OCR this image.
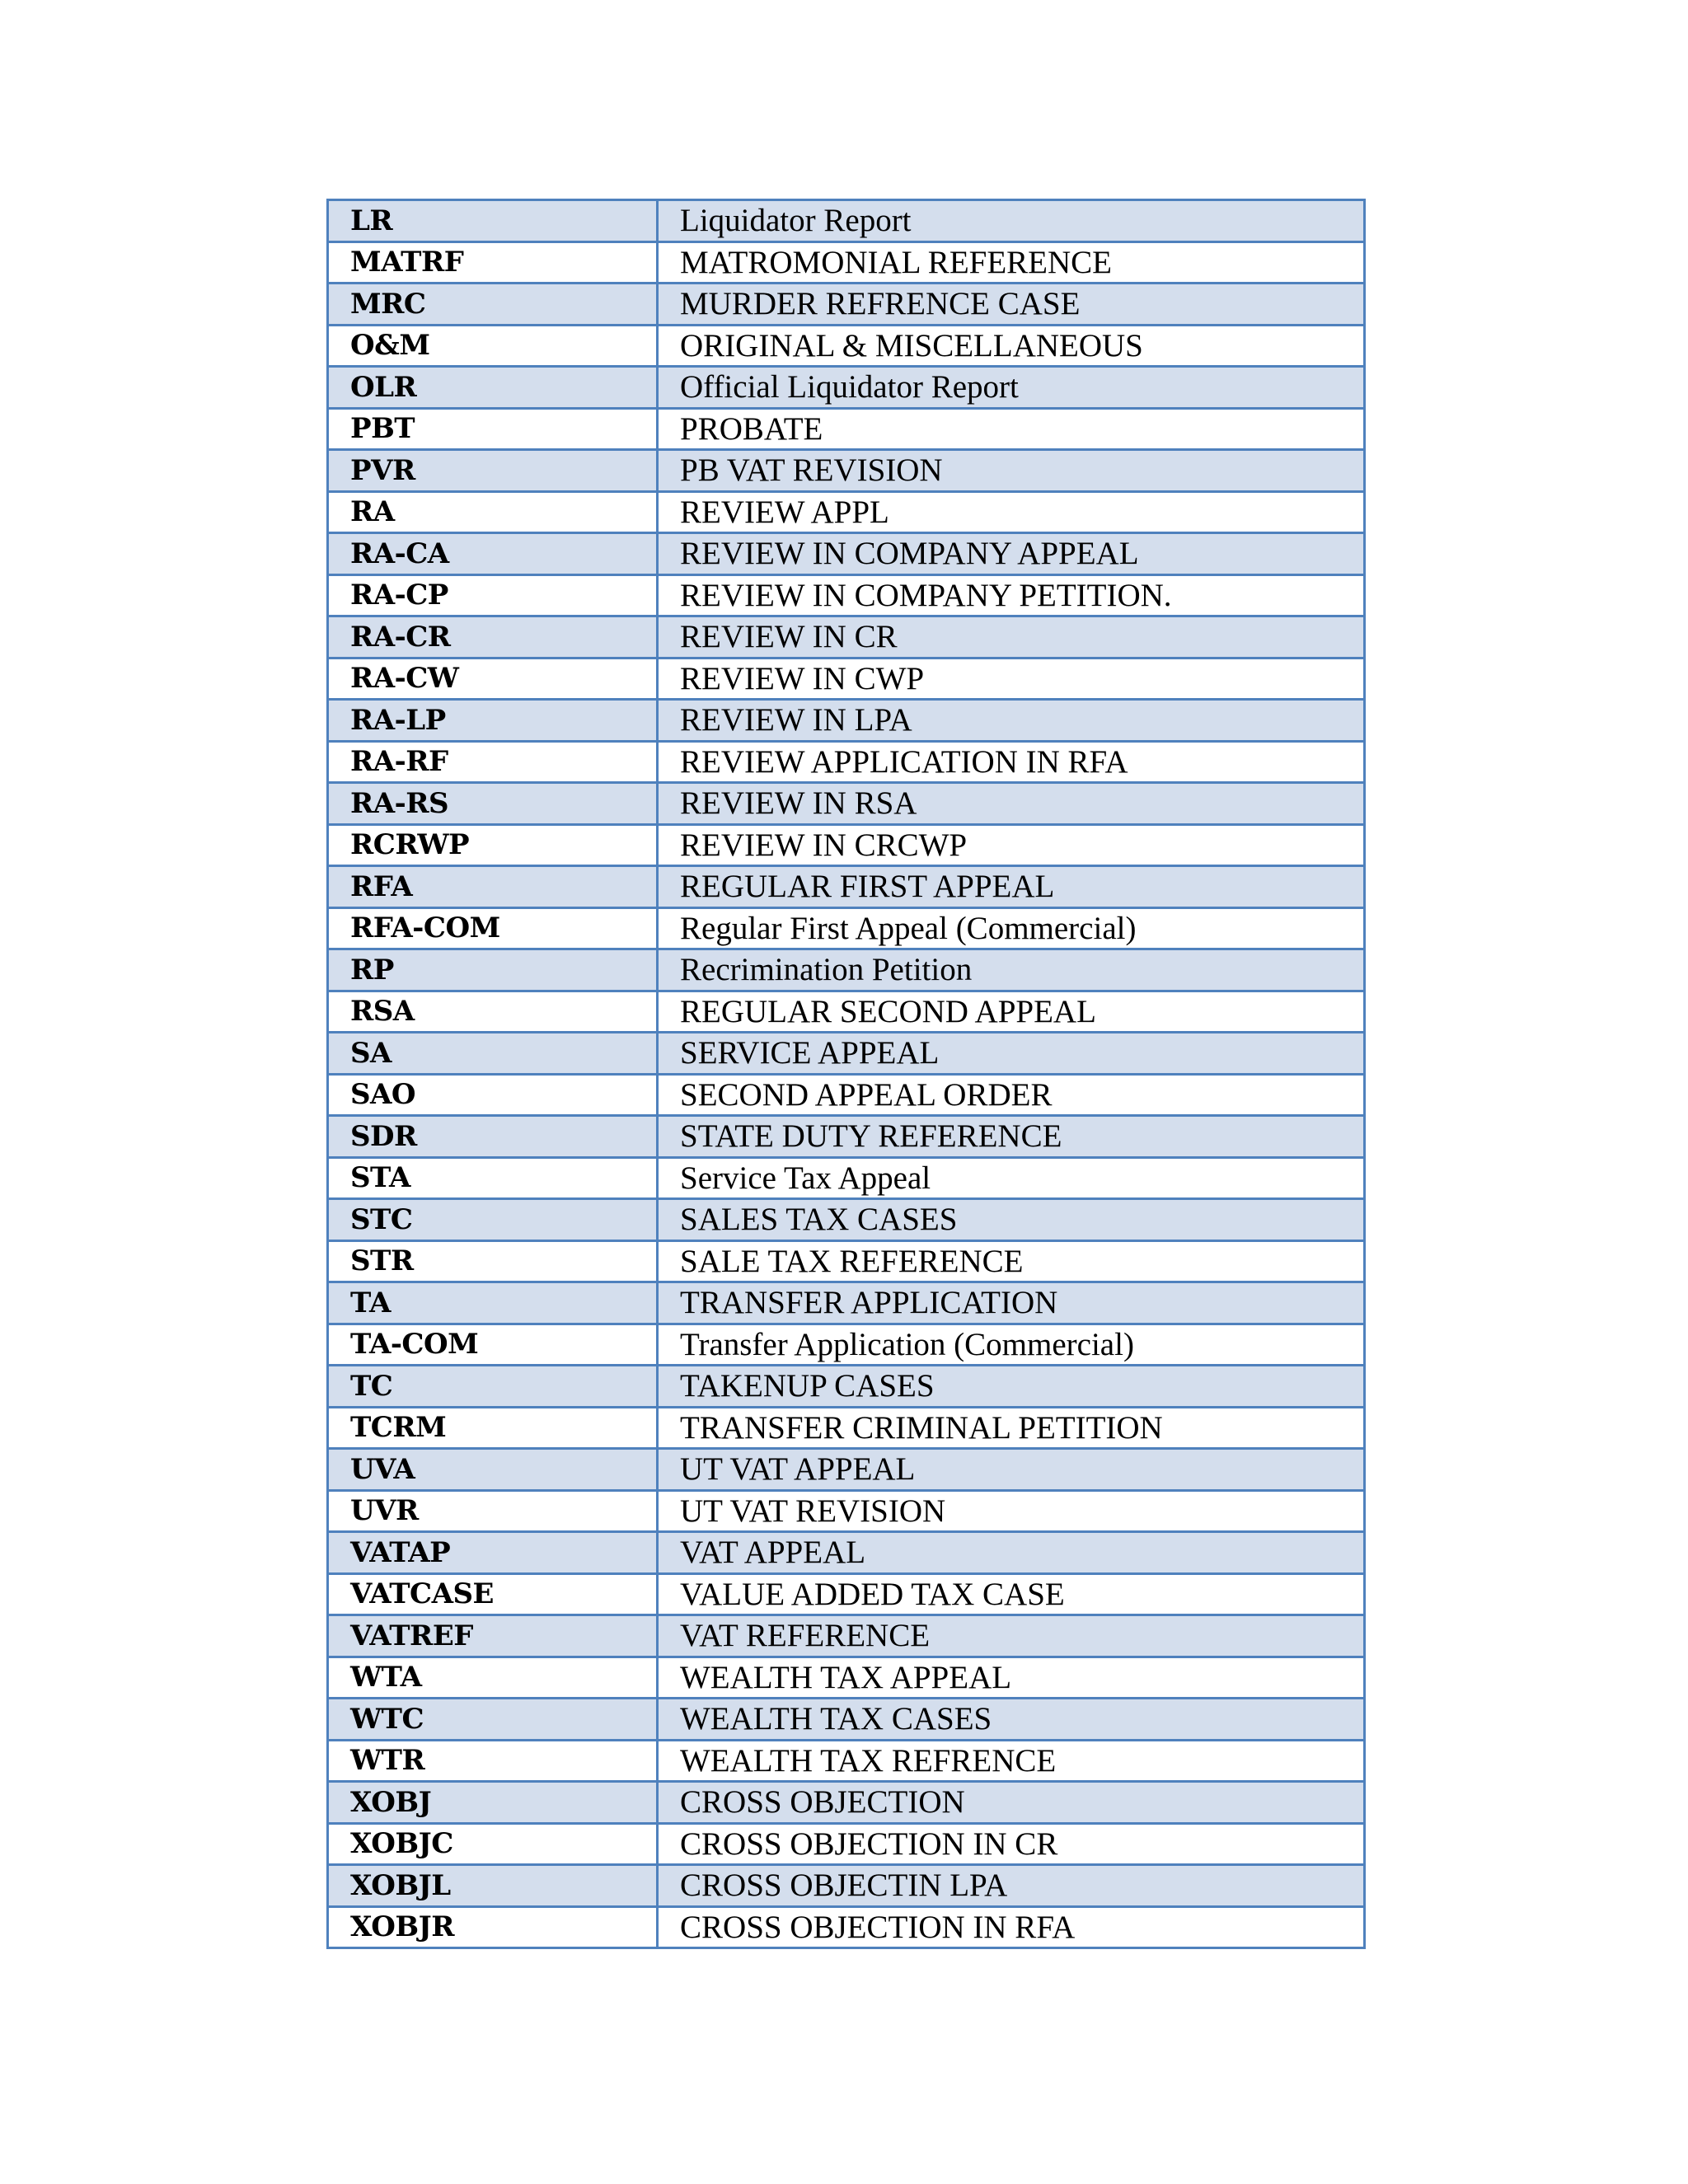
LR	Liquidator Report
MATRF	MATROMONIAL REFERENCE
MRC	MURDER REFRENCE CASE
O&M	ORIGINAL & MISCELLANEOUS
OLR	Official Liquidator Report
PBT	PROBATE
PVR	PB VAT REVISION
RA	REVIEW APPL
RA-CA	REVIEW IN COMPANY APPEAL
RA-CP	REVIEW IN COMPANY PETITION.
RA-CR	REVIEW IN CR
RA-CW	REVIEW IN CWP
RA-LP	REVIEW IN LPA
RA-RF	REVIEW APPLICATION IN RFA
RA-RS	REVIEW IN RSA
RCRWP	REVIEW IN CRCWP
RFA	REGULAR FIRST APPEAL
RFA-COM	Regular First Appeal (Commercial)
RP	Recrimination Petition
RSA	REGULAR SECOND APPEAL
SA	SERVICE APPEAL
SAO	SECOND APPEAL ORDER
SDR	STATE DUTY REFERENCE
STA	Service Tax Appeal
STC	SALES TAX CASES
STR	SALE TAX REFERENCE
TA	TRANSFER APPLICATION
TA-COM	Transfer Application (Commercial)
TC	TAKENUP CASES
TCRM	TRANSFER CRIMINAL PETITION
UVA	UT VAT APPEAL
UVR	UT VAT REVISION
VATAP	VAT APPEAL
VATCASE	VALUE ADDED TAX CASE
VATREF	VAT REFERENCE
WTA	WEALTH TAX APPEAL
WTC	WEALTH TAX CASES
WTR	WEALTH TAX REFRENCE
XOBJ	CROSS OBJECTION
XOBJC	CROSS OBJECTION IN CR
XOBJL	CROSS OBJECTIN LPA
XOBJR	CROSS OBJECTION IN RFA
